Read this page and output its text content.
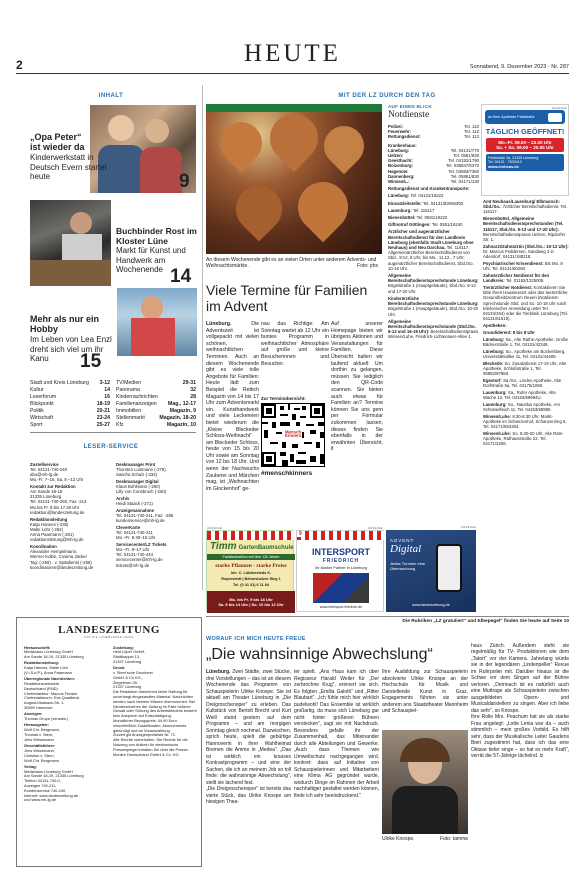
2	HEUTE	Sonnabend, 9. Dezember 2023 · Nr. 287
INHALT
„Opa Peter“ ist wieder da
Kinderwerkstatt in Deutsch Evern startet heute	9
Buchbinder Rost im Kloster Lüne
Markt für Kunst und Handwerk am Wochenende 14
Mehr als nur ein Hobby
Im Leben von Lea Enzl dreht sich viel um ihr Kanu	15
Stadt und Kreis Lüneburg 3-12
Kultur	14
Leserforum	16
Blickpunkt	18-19
Politik	20-21
Wirtschaft	23-24
Sport	25-27
TV/Medien	29-31
Panorama	32
Kindernachrichten	28
Familienanzeigen Mag., 12-17
Immobilien	Magazin, 9
Stellenmarkt	Magazin, 18-20
Kfz	Magazin, 10
LESER-SERVICE
Zustellservice
Tel. 04131-740-240
abo@mh-lg.de
Mo.-Fr. 7–16, Sa. 8 –12 Uhr
Kontakt zur Redaktion
Am Sande 18-19
21335 Lüneburg
Tel. 04131-740-250, Fax -213
Mo.bis Fr. 9 bis 17.30 Uhr
redaktion@landeszeitung.de
Redaktionsleitung
Katja Hannes (-236)
Malte Lühr (-262)
Anna Paarmann (-281)
redaktionsleitung@mh-lg.de
Koordination
Alexander Hempelmann,
Werner Kolbe, Cosima Jäckel
Tag: (-259) · v. Spätdienst (-258)
koordinatoren@landeszeitung.de
Deskmanager Print
Thorsten Lustmann (-276)
Sascha Schulz (-334)
Deskmanager Digital
Klaus Bohlmann (-260)
Lilly von Consbruch (-260)
Archiv
Heidi Staack (-271)
Anzeigenannahme
Tel. 04131-740-211, Fax: -285
kundenservice@mh-lg.de
CleverKarte
Tel. 04131-740-211
Mo.–Fr. 8.30–15 Uhr
Servicecenter/LZ Tickets
Mo.–Fr. 9–17 Uhr
Tel. 04131-740-444
servicecenter@mh-lg.de
tickets@mh-lg.de
MIT DER LZ DURCH DEN TAG
An diesem Wochenende gibt es an vielen Orten unter anderem Advents- und Weihnachtsmärkte.	Foto: phs
Viele Termine für Familien im Advent
Lüneburg. Die Adventszeit ist vollgepackt mit vielen schönen, weihnachtlichen Terminen. Auch an diesem Wochenende gibt es viele tolle Angebote für Familien: Heute lädt zum Beispiel die Rettich Magazin von 14 bis 17 Uhr zum Adventsmarkt ein. Kunsthandwerk und viele Leckereien bietet wiederum die „Kleine Bleckeder Schloss-Weihnacht“ am Bleckeder Schloss, heute von 15 bis 20 Uhr sowie am Sonntag von 12 bis 18 Uhr. Und wenn der Nachwuchs Zauberei und Märchen mag, ist „Weihnachten im Glockenhof“ ge-
Zur Terminübersicht:
Mensch
Kinners
#menschkinners
nau das Richtige: Am Sonntag wartet ab 12 Uhr ein buntes Programm in weihnachtlicher Atmosphäre auf große und kleine Besucherinnen und Besucher.
Auf unserer Homepage bieten wir übrigens Aktionen und Veranstaltungen für Familien. Diese Übersicht halten wir laufend aktuell: Um dorthin zu gelangen, müssen Sie lediglich den QR-Code scannen. Sie bieten auch etwas für Familien an? Termine können Sie uns gern per Formular zukommen lassen, dieses finden Sie ebenfalls in der erwähnten Übersicht. lt
AUF EINEN BLICK
Notdienste
Polizei:	Tel. 110
Feuerwehr:	Tel. 112
Rettungsdienst:	Tel. 112
Krankenhaus:
Lüneburg:	Tel. 04131/770
Uelzen:	Tel. 0581/830
Geesthacht:	Tel. 04152/1790
Boizenburg:	Tel. 038847/6370
Hagenow:	Tel. 03883/7360
Dannenberg:	Tel. 05861/830
Winsen/L.:	Tel. 04171/130
Rettungsdienst und Krankentransporte:
Lüneburg: Tel. 04131/19222
Einsatzleitstelle: Tel. 04131/83065300
Lauenburg: Tel. 116117
Bienenbüttel: Tel. 0581/19222
Giftnotruf Göttingen: Tel. 0551/19240
Ärztlicher und augenärztlicher Bereitschaftsdienst für den Landkreis Lüneburg (ebenfalls Stadt Lüneburg ohne Neuhaus) und Neu Darchau, Tel. 116117. Allgemeinärztlicher Bereitschaftsdienst von Sbd., 9:12, 8 Uhr, bis Mo., 11.12., 7 Uhr; augenärztlicher Bereitschaftsdienst, Sbd./So. 10-16 Uhr.
Allgemeine Bereitschaftsdienstsprechstunde Lüneburg: Bögelstraße 1 (Hauptgebäude), Sbd./So. 9-13 und 17-20 Uhr.
Kinderärztliche Bereitschaftsdienstsprechstunde Lüneburg: Bögelstraße 1 (Hauptgebäude), Sbd./So. 10-20 Uhr.
Allgemeine Bereitschaftsdienstsprechstunde (Sbd./So. 9-13 und 16-19 Uhr): Bereitschaftsdienstpraxis Winsen/Luhe, Friedrich-Lichtenauer-Allee 1.
ANZEIGE
an Ihrer Apotheke Feldstraße
TÄGLICH GEÖFFNET!
Mo.-Fr. 08.00 – 23.00 Uhr
Sa. + So. 09.00 – 20.00 Uhr
Feldstraße 3a, 21335 Lüneburg
Tel. 04131 · 7639410
www.einheas.de
Amt Neuhaus/Lauenburg/ Elbmarsch: Sbd./So.: Ärztlicher Bereitschaftsdienst, Tel. 116117.
Bienenbüttel, Allgemeine Bereitschaftsdienstsprechstunden (Tel. 116117, Sbd./So. 9-13 und 17-20 Uhr): Bereitschaftsdienstpraxis Uelzen, Ripdorfer Str. 1.
Zahnarzt/Zahnärztin (Sbd./So.: 10-12 Uhr): Dr. Marcus Feddersen, Sandweg 3 in Adendorf, 04131/188218.
Psychiatrischer Krisendienst: Bis Mo. 8 Uhr, Tel. 04131/60260.
Zahnärztlicher Notdienst für den Landkreis: Tel. 01192/1225005.
Tierärztlicher Notdienst: Kontaktieren Sie bitte Ihren Haustierarzt oder das tierärztliche Gesundheitszentrum Oeeen (Notdienst-Sprechstunde Sbd. und So. 10-18 Uhr nach telefonischer Anmeldung unter Tel. 04134/264) oder die Tierklinik Lüneburg (Tel. 04131/51515).
Apotheken:
Grundiderent: 8 bis 8 Uhr
Lüneburg: Sa., Alte Raths-Apotheke, Große Bäckerstraße 1, Tel. 04131/42349.
Lüneburg: So., Apotheke am Bockelsberg, Universitätsallee 11, Tel. 04131/44488.
Bleckede: So. Zusatzdienst 17-19 Uhr, Alte Apotheke, Schloßstraße 1, Tel. 05852/97960.
Egestorf: Sa./So., Linden Apotheke, Alte Dorfstraße 5a, Tel. 04175/1060.
Lauenburg: Sa., Rufer Apotheke, Alte Wache 12, Tel. 04153/58994U.
Lauenburg: So., Nautilus Apotheke, Am Schüsselfeich 11, Tel. 04153/58990.
Winsen/Luhe: 8.30-8.30 Uhr, Markt-Apotheke im Schanzenhof, Schanzenring 6, Tel. 04171/653304.
Winsen/Luhe: So. 8.30-20 Uhr, Alte Rats-Apotheke, Rathausstraße 22, Tel. 04171/2206.
ANZEIGE
Timm GartenBaumschule
Familientradition seit über 130 Jahren
starke Pflanzen - starke Preise
Inh. C. Lübbersteds K.
Roperstedt | Böhmsholzer Weg 1
Tel. (0 41 31) 6 11 84
Mo. bis Fr. 9 bis 18 Uhr
Sa. 9 bis 14 Uhr | So. 10 bis 12 Uhr
ANZEIGE
9
INTERSPORT
FRIEDRICH
Ihr starker Partner in Lüneburg
www.intersport-friedrich.de
ANZEIGE
ADVENT
Digital
Jedes Türchen eine
Überraschung
www.landeszeitung.de
Die Rubriken „LZ gratuliert“ und Elbepegel“ finden Sie heute auf Seite 10
LANDESZEITUNG
FÜR DIE LÜNEBURGER HEIDE
Herausschrift:
Mediahaus Lüneburg GmbH
Am Sande 18-19, 21335 Lüneburg
Redaktionsleitung:
Katja Hannes, Malte Lühr
(V.i.S.d.P.), Anna Paarmann
Überregionale Nachrichten:
Redaktionsnetzwerk
Deutschland (RND)
Chefredakteur: Marcus Fenske
Chefredakteurin: Eva Quadbeck
August-Madsack-Str. 1,
30559 Hannover
Anzeigen:
Thomas Grupe (verantw.)
Herausgeber:
Wolf Chr. Bergmann,
Thomas v. Stern,
Jens Wiesemann
Geschäftsführer:
Jens Wiesemann,
Christian v. Stern,
Wolf Chr. Bergmann
Verlag:
Mediahaus Lüneburg GmbH
Am Sande 18-19, 21335 Lüneburg
Telefon 04131-740-0,
Anzeigen 740-211,
Kundenservice 740-240,
Internet: www.landeszeitung.de
und www.mh-lg.de
Zustellung:
Heid Löper GmbH,
Stadtkoppel 13,
21337 Lüneburg
Druck:
v. Stern'sche Druckerei
GmbH & Co KG,
Ziegelhorn 26,
21337 Lüneburg
Die Redaktion übernimmt keine Haftung für unverlangt eingesandtes Material. Nachrichten werden nach bestem Wissen übernommen. Bei Nichterscheinen der Zeitung im Falle höherer Gewalt oder Störung des Arbeitsfriedens besteht kein Anspruch auf Entschädigung.
Monatlicher Bezugspreis: 44,90 Euro einschließlich Zustellkosten. Abonnements gekündigt und an Vorauszahlung.
Zurzeit gilt Anzeigenpreisliste Nr. 72.
Alle Rechte vorbehalten. Die Rechte für die Nutzung von Artikeln für elektronische Pressespiegel erhalten Sie über die Presse-Monitor Deutschland GmbH & Co. KG.
WORAUF ICH MICH HEUTE FREUE
„Die wahnsinnige Abwechslung“
Lüneburg. Zwei Städte, zwei Stücke, drei Vorstellungen – das ist an diesem Wochenende das Programm von Schauspielerin Ulrike Knospe. Sie ist aktuell am Theater Lüneburg in „Die Dreigroschenoper“ zu erleben. Das Kultstück von Bertolt Brecht und Kurt Weill stand gestern auf dem Programm – und am morgigen Sonntag gleich nochmal. Dazwischen, sprich heute, spielt die gebürtige Hannoverin in ihrer Wahlheimat Bremen die Amme in „Medea“. „Das ist wirklich ein krasses Kontrastprogramm – und eine der Sachen, die ich an meinem Job so toll finde: die wahnsinnige Abwechslung“, stellt sie lachend fest.
„Die Dreigroschenoper“ ist bereits das vierte Stück, das Ulrike Knospe am hiesigen Thea-
ter spielt. „Ans Haus kam ich über Regisseur Harald Weiler für „Der zerbrochne Krug“, erinnert sie sich. Es folgten „Emilia Galotti“ und „Ritter Blaubart“. „Ich fühle mich hier wirklich pudelwohl! Das Ensemble ist wirklich großartig, da muss sich Lüneburg gar nicht hinter größeren Bühnen verstecken“, sagt sie mit Nachdruck. Besonders gefalle ihr der Zusammenhalt, das Miteinander durch alle Abteilungen und Gewerke. „Auch dass Themen wie Umweltschutz nachgegangen wird, konkret: dass auf Initiative von Schauspielerinnen und Mitarbeitern eine Klima AG gegründet wurde, wodurch Dinge im Rahmen der Arbeit nachhaltiger gestaltet werden können, finde ich sehr beeindruckend.“
Ihre Ausbildung zur Schauspielerin absolvierte Ulrike Knospe an der Hochschule für Musik und Darstellende Kunst in Graz. Engagements führten sie unter anderem ans Staatstheater Mannheim und Schauspiel-
Ulrike Knospe.	Foto: tamme

haus Zürich. Außerdem steht sie regelmäßig für TV- Produktionen wie dem „Tatort“ vor der Kamera. Jahrelang würde sie in der legendären „Lindenpeller“ Revue im Ruhrpolier mit. Darüber hinaus ist die Schwe vor dem Singen auf der Bühne verloren. „Demnach ist es natürlich auch eine Muttrage als Schauspielerin zwischen ausgebildeten Opern- und Musicaldarstellern zu singen. Aber ich liebe das sehr“, so Knospe.
Ihre Rolle Mrs. Peachum hat sie als starke Frau angelegt: „Lotte Lenia war da – auch stimmlich – mein großes Vorbild. Es hilft sehr, dass der Musikalische Leiter Gaudens Bieri zugestimmt hat, dass ich das eine Oktave tiefer singe – so hat es mehr Kraft“, verrät die 57-Jährige lächelnd. lz
